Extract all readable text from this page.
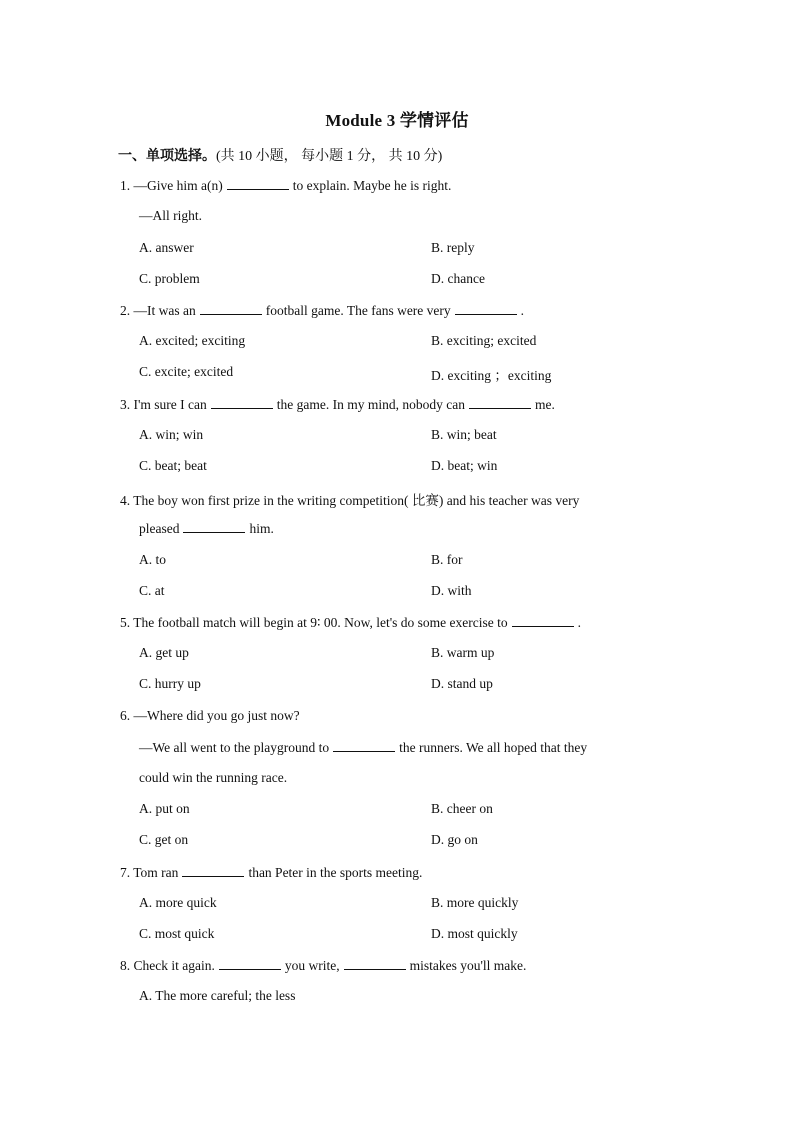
Module 3 学情评估
一、单项选择。(共 10 小题， 每小题 1 分， 共 10 分)
1. —Give him a(n)	to explain. Maybe he is right.
—All right.
A. answer	B. reply
C. problem	D. chance
2. —It was an	football game. The fans were very	.
A. excited; exciting	B. exciting; excited
C. excite; excited	D. exciting ；exciting
3. I'm sure I can	the game. In my mind, nobody can	me.
A. win; win	B. win; beat
C. beat; beat	D. beat; win
4. The boy won first prize in the writing competition( 比赛) and his teacher was very
pleased	him.
A. to	B. for
C. at	D. with
5. The football match will begin at 9∶ 00. Now, let's do some exercise to	.
A. get up	B. warm up
C. hurry up	D. stand up
6. —Where did you go just now?
—We all went to the playground to	the runners. We all hoped that they
could win the running race.
A. put on	B. cheer on
C. get on	D. go on
7. Tom ran	than Peter in the sports meeting.
A. more quick	B. more quickly
C. most quick	D. most quickly
8. Check it again.	you write,	mistakes you'll make.
A. The more careful; the less
